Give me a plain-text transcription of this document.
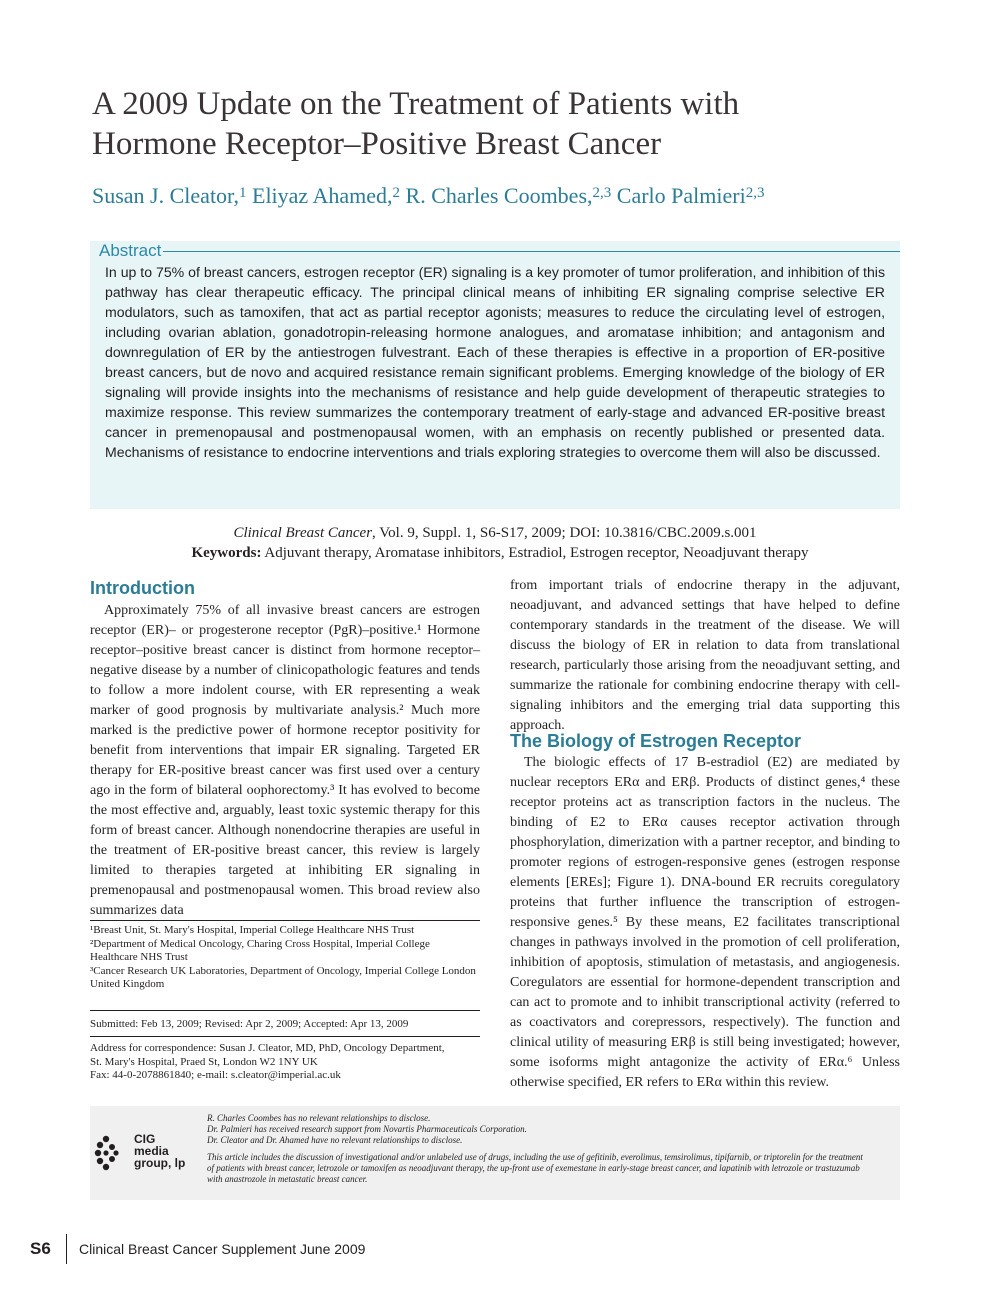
A 2009 Update on the Treatment of Patients with
Hormone Receptor–Positive Breast Cancer
Susan J. Cleator,$^1$ Eliyaz Ahamed,$^2$ R. Charles Coombes,$^{2,3}$ Carlo Palmieri$^{2,3}$
Abstract
In up to 75% of breast cancers, estrogen receptor (ER) signaling is a key promoter of tumor proliferation, and inhibition of this pathway has clear therapeutic efficacy. The principal clinical means of inhibiting ER signaling comprise selective ER modulators, such as tamoxifen, that act as partial receptor agonists; measures to reduce the circulating level of estrogen, including ovarian ablation, gonadotropin-releasing hormone analogues, and aromatase inhibition; and antagonism and downregulation of ER by the antiestrogen fulvestrant. Each of these therapies is effective in a proportion of ER-positive breast cancers, but de novo and acquired resistance remain significant problems. Emerging knowledge of the biology of ER signaling will provide insights into the mechanisms of resistance and help guide development of therapeutic strategies to maximize response. This review summarizes the contemporary treatment of early-stage and advanced ER-positive breast cancer in premenopausal and postmenopausal women, with an emphasis on recently published or presented data. Mechanisms of resistance to endocrine interventions and trials exploring strategies to overcome them will also be discussed.
Clinical Breast Cancer, Vol. 9, Suppl. 1, S6-S17, 2009; DOI: 10.3816/CBC.2009.s.001
Keywords: Adjuvant therapy, Aromatase inhibitors, Estradiol, Estrogen receptor, Neoadjuvant therapy
Introduction

Approximately 75% of all invasive breast cancers are estrogen receptor (ER)– or progesterone receptor (PgR)–positive.¹ Hormone receptor–positive breast cancer is distinct from hormone receptor–negative disease by a number of clinicopathologic features and tends to follow a more indolent course, with ER representing a weak marker of good prognosis by multivariate analysis.² Much more marked is the predictive power of hormone receptor positivity for benefit from interventions that impair ER signaling. Targeted ER therapy for ER-positive breast cancer was first used over a century ago in the form of bilateral oophorectomy.³ It has evolved to become the most effective and, arguably, least toxic systemic therapy for this form of breast cancer. Although nonendocrine therapies are useful in the treatment of ER-positive breast cancer, this review is largely limited to therapies targeted at inhibiting ER signaling in premenopausal and postmenopausal women. This broad review also summarizes data

¹Breast Unit, St. Mary's Hospital, Imperial College Healthcare NHS Trust
²Department of Medical Oncology, Charing Cross Hospital, Imperial College Healthcare NHS Trust
³Cancer Research UK Laboratories, Department of Oncology, Imperial College London
United Kingdom
Submitted: Feb 13, 2009; Revised: Apr 2, 2009; Accepted: Apr 13, 2009
Address for correspondence: Susan J. Cleator, MD, PhD, Oncology Department,
St. Mary's Hospital, Praed St, London W2 1NY UK
Fax: 44-0-2078861840; e-mail: s.cleator@imperial.ac.uk

from important trials of endocrine therapy in the adjuvant, neoadjuvant, and advanced settings that have helped to define contemporary standards in the treatment of the disease. We will discuss the biology of ER in relation to data from translational research, particularly those arising from the neoadjuvant setting, and summarize the rationale for combining endocrine therapy with cell-signaling inhibitors and the emerging trial data supporting this approach.

The Biology of Estrogen Receptor

The biologic effects of 17 B-estradiol (E2) are mediated by nuclear receptors ERα and ERβ. Products of distinct genes,⁴ these receptor proteins act as transcription factors in the nucleus. The binding of E2 to ERα causes receptor activation through phosphorylation, dimerization with a partner receptor, and binding to promoter regions of estrogen-responsive genes (estrogen response elements [EREs]; Figure 1). DNA-bound ER recruits coregulatory proteins that further influence the transcription of estrogen-responsive genes.⁵ By these means, E2 facilitates transcriptional changes in pathways involved in the promotion of cell proliferation, inhibition of apoptosis, stimulation of metastasis, and angiogenesis. Coregulators are essential for hormone-dependent transcription and can act to promote and to inhibit transcriptional activity (referred to as coactivators and corepressors, respectively). The function and clinical utility of measuring ERβ is still being investigated; however, some isoforms might antagonize the activity of ERα.⁶ Unless otherwise specified, ER refers to ERα within this review.

CIG
media
group, lp

R. Charles Coombes has no relevant relationships to disclose.

Dr. Palmieri has received research support from Novartis Pharmaceuticals Corporation.

Dr. Cleator and Dr. Ahamed have no relevant relationships to disclose.

This article includes the discussion of investigational and/or unlabeled use of drugs, including the use of gefitinib, everolimus, temsirolimus, tipifarnib, or triptorelin for the treatment of patients with breast cancer, letrozole or tamoxifen as neoadjuvant therapy, the up-front use of exemestane in early-stage breast cancer, and lapatinib with letrozole or trastuzumab with anastrozole in metastatic breast cancer.

S6	Clinical Breast Cancer Supplement June 2009
